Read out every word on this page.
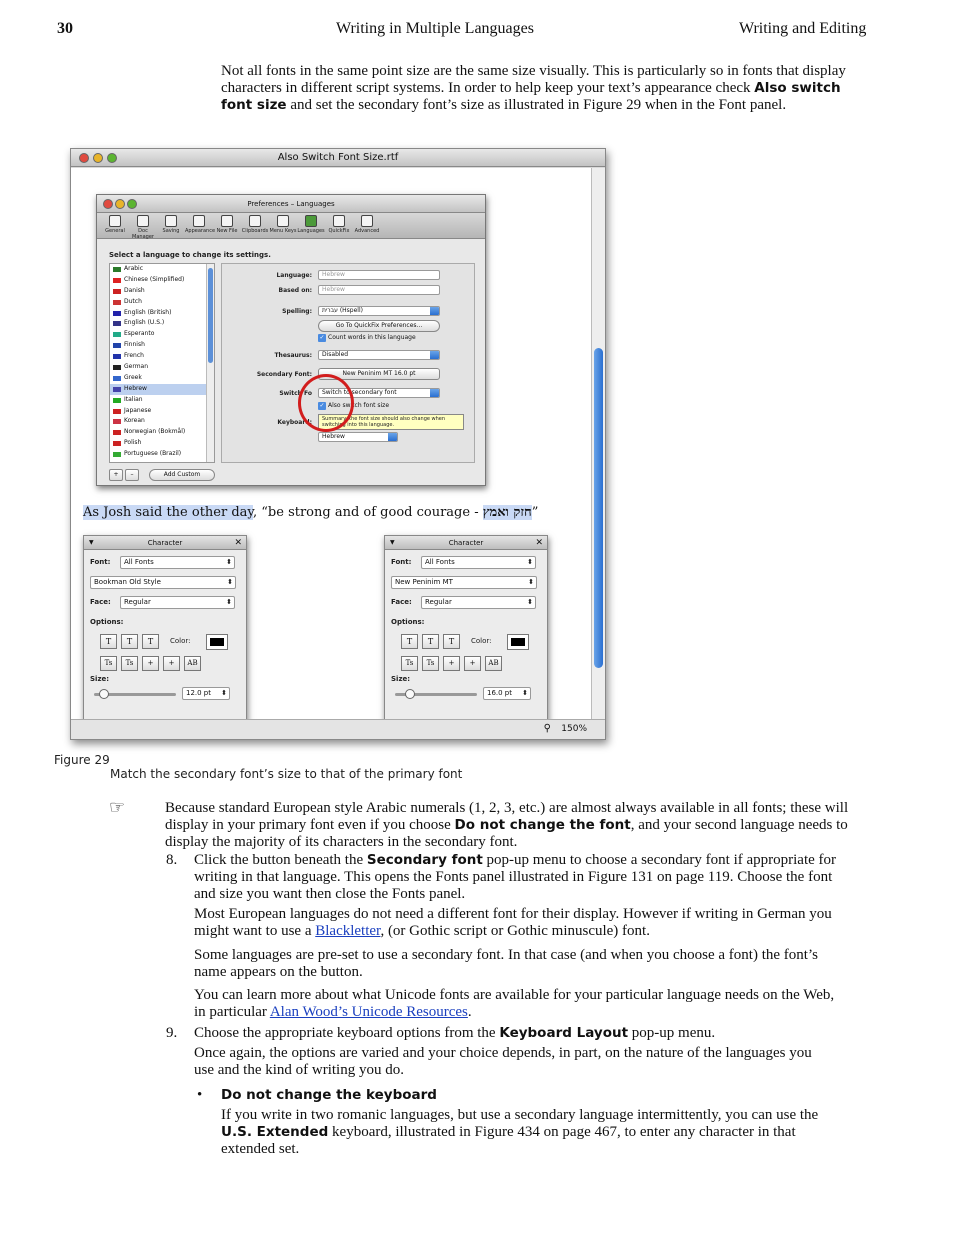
30	Writing in Multiple Languages	Writing and Editing

Not all fonts in the same point size are the same size visually. This is particularly so in fonts that display characters in different script systems. In order to help keep your text’s appearance check Also switch font size and set the secondary font’s size as illustrated in Figure 29 when in the Font panel.

Also Switch Font Size.rtf
Preferences – Languages
General	Doc Manager
Saving	Appearance New File Clipboards Menu Keys Languages QuickFix	Advanced
Select a language to change its settings.
Arabic
Chinese (Simplified)
Danish
Dutch
English (British)
English (U.S.)
Esperanto
Finnish
French
German
Greek
Hebrew
Italian
Japanese
Korean
Norwegian (Bokmål)
Polish
Portuguese (Brazil)
Language:	Hebrew
Based on:	Hebrew
Spelling:	עברית (Hspell)
Go To QuickFix Preferences...
✓ Count words in this language
Thesaurus:	Disabled
Secondary Font:	New Peninim MT 16.0 pt
Switch Fo	Switch to secondary font
✓ Also switch font size
Keyboard:
Hebrew
Summary: the font size should also change when switching into this language.
+	–	Add Custom
As Josh said the other day, “be strong and of good courage - חזק ואמץ”
▼	Character	✕
Font:	All Fonts ⬍
Bookman Old Style ⬍
Face:	Regular ⬍
Options:
T	T	T	Color:
Ts	Ts	+	+	AB
Size:
12.0 pt ⬍
▼	Character	✕
Font:	All Fonts ⬍
New Peninim MT ⬍
Face:	Regular ⬍
Options:
T	T	T	Color:
Ts	Ts	+	+	AB
Size:
16.0 pt ⬍
150%
⚲
Figure 29
Match the secondary font’s size to that of the primary font
☞	Because standard European style Arabic numerals (1, 2, 3, etc.) are almost always available in all fonts; these will display in your primary font even if you choose Do not change the font, and your second language needs to display the majority of its characters in the secondary font.

8. Click the button beneath the Secondary font pop-up menu to choose a secondary font if appropriate for writing in that language. This opens the Fonts panel illustrated in Figure 131 on page 119. Choose the font and size you want then close the Fonts panel.

Most European languages do not need a different font for their display. However if writing in German you might want to use a Blackletter, (or Gothic script or Gothic minuscule) font.

Some languages are pre-set to use a secondary font. In that case (and when you choose a font) the font’s name appears on the button.

You can learn more about what Unicode fonts are available for your particular language needs on the Web, in particular Alan Wood’s Unicode Resources.

9. Choose the appropriate keyboard options from the Keyboard Layout pop-up menu.

Once again, the options are varied and your choice depends, in part, on the nature of the languages you use and the kind of writing you do.

• Do not change the keyboard

If you write in two romanic languages, but use a secondary language intermittently, you can use the U.S. Extended keyboard, illustrated in Figure 434 on page 467, to enter any character in that extended set.
